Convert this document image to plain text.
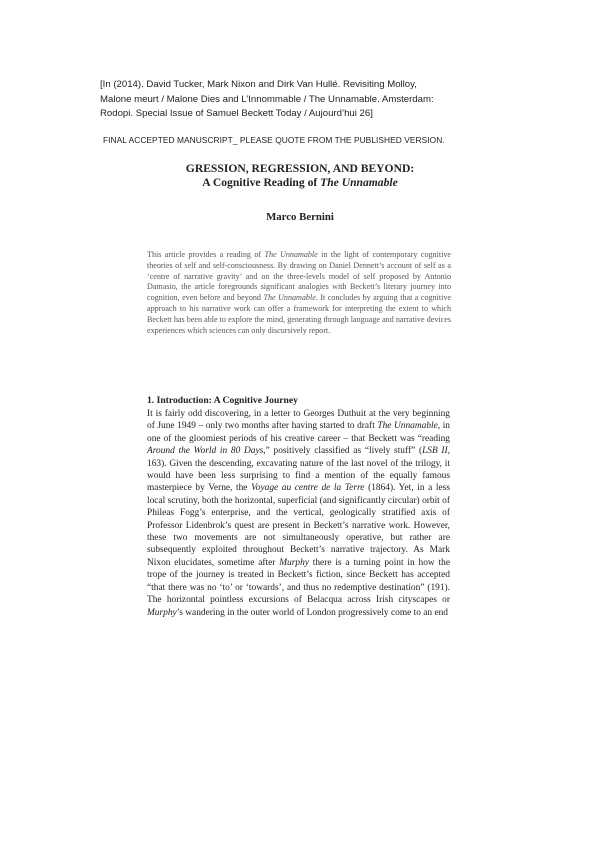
[In (2014). David Tucker, Mark Nixon and Dirk Van Hullé. Revisiting Molloy,
Malone meurt / Malone Dies and L’Innommable / The Unnamable. Amsterdam:
Rodopi. Special Issue of Samuel Beckett Today / Aujourd’hui 26]
FINAL ACCEPTED MANUSCRIPT_ PLEASE QUOTE FROM THE PUBLISHED VERSION.
GRESSION, REGRESSION, AND BEYOND:
A Cognitive Reading of The Unnamable
Marco Bernini
This article provides a reading of The Unnamable in the light of contemporary cognitive theories of self and self-consciousness. By drawing on Daniel Dennett’s account of self as a ‘centre of narrative gravity’ and on the three-levels model of self proposed by Antonio Damasio, the article foregrounds significant analogies with Beckett’s literary journey into cognition, even before and beyond The Unnamable. It concludes by arguing that a cognitive approach to his narrative work can offer a framework for interpreting the extent to which Beckett has been able to explore the mind, generating through language and narrative devices experiences which sciences can only discursively report.
1. Introduction: A Cognitive Journey
It is fairly odd discovering, in a letter to Georges Duthuit at the very beginning of June 1949 – only two months after having started to draft The Unnamable, in one of the gloomiest periods of his creative career – that Beckett was “reading Around the World in 80 Days,” positively classified as “lively stuff” (LSB II, 163). Given the descending, excavating nature of the last novel of the trilogy, it would have been less surprising to find a mention of the equally famous masterpiece by Verne, the Voyage au centre de la Terre (1864). Yet, in a less local scrutiny, both the horizontal, superficial (and significantly circular) orbit of Phileas Fogg’s enterprise, and the vertical, geologically stratified axis of Professor Lidenbrok’s quest are present in Beckett’s narrative work. However, these two movements are not simultaneously operative, but rather are subsequently exploited throughout Beckett’s narrative trajectory. As Mark Nixon elucidates, sometime after Murphy there is a turning point in how the trope of the journey is treated in Beckett’s fiction, since Beckett has accepted “that there was no ‘to’ or ‘towards’, and thus no redemptive destination” (191). The horizontal pointless excursions of Belacqua across Irish cityscapes or Murphy’s wandering in the outer world of London progressively come to an end
